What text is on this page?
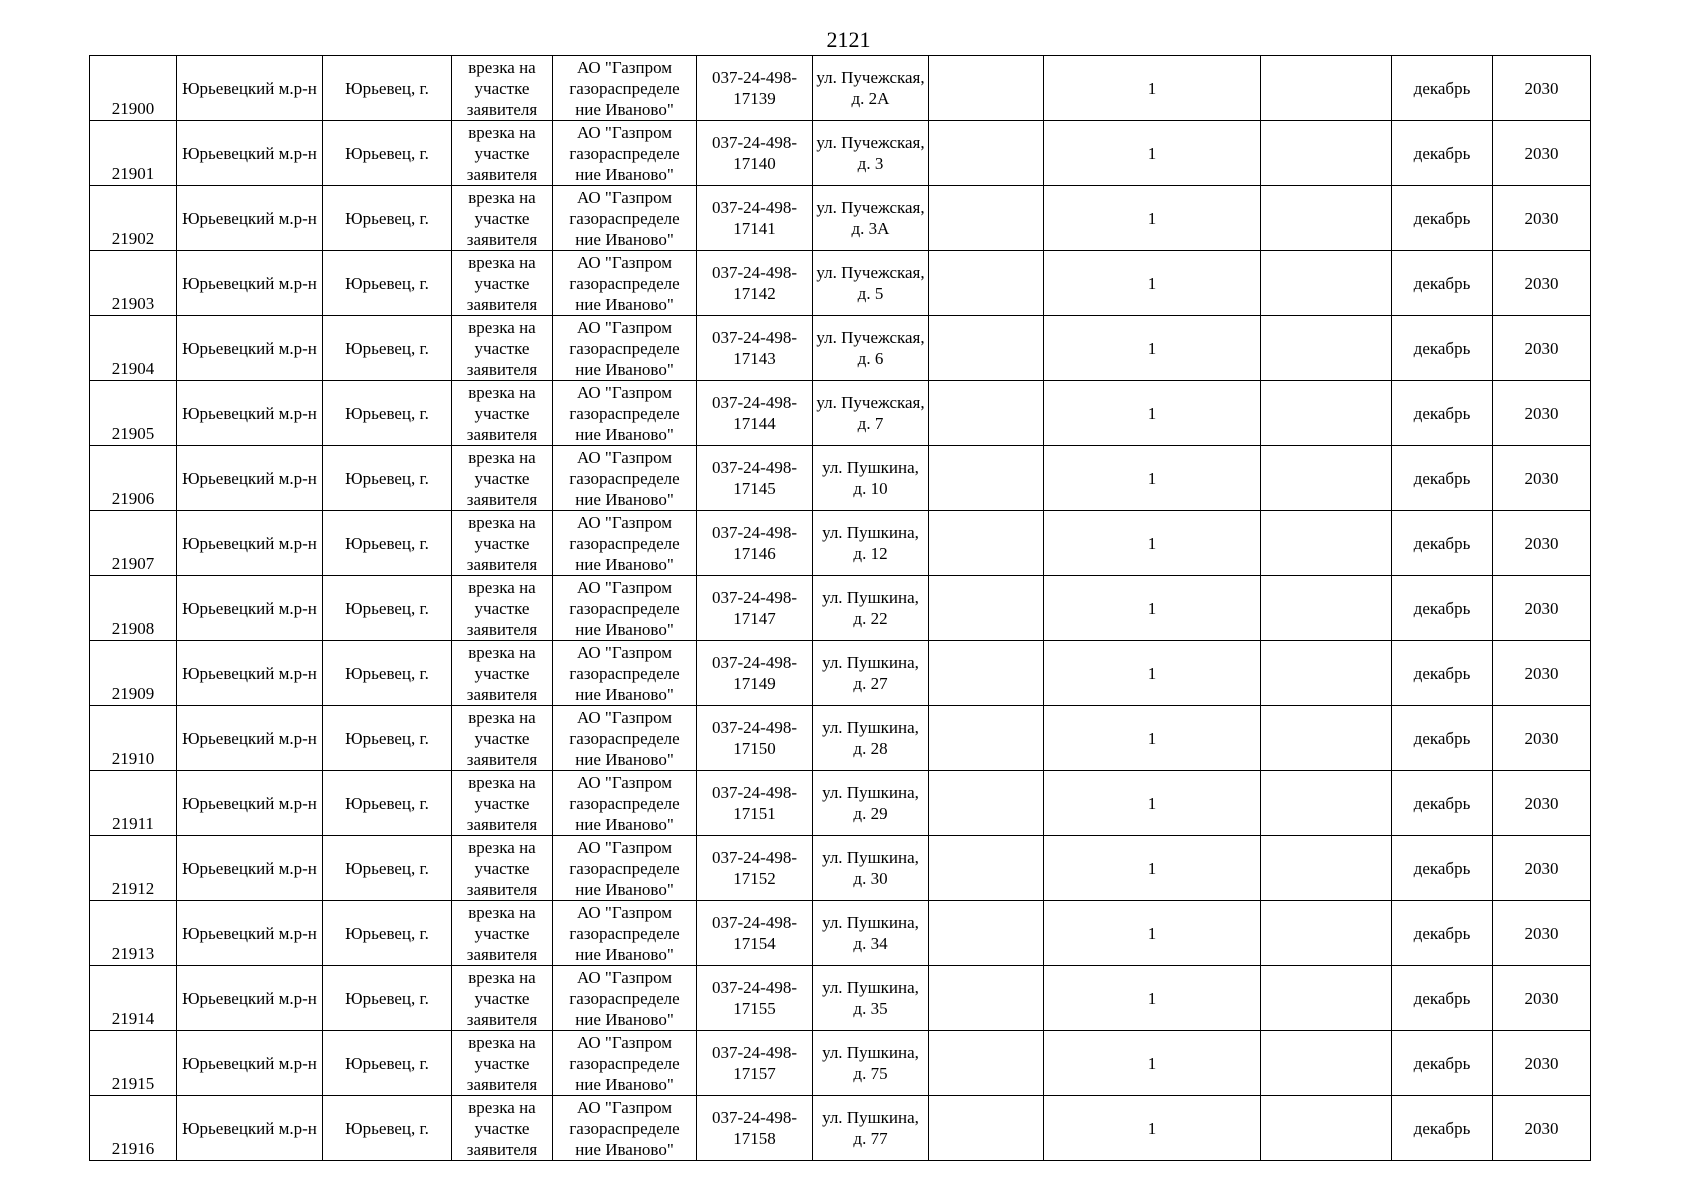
2121
21900	Юрьевецкий м.р-н	Юрьевец, г.	врезка на участке заявителя	АО "Газпром газораспределе ние Иваново"	037-24-498-17139	ул. Пучежская, д. 2А		1		декабрь	2030
21901	Юрьевецкий м.р-н	Юрьевец, г.	врезка на участке заявителя	АО "Газпром газораспределе ние Иваново"	037-24-498-17140	ул. Пучежская, д. 3		1		декабрь	2030
21902	Юрьевецкий м.р-н	Юрьевец, г.	врезка на участке заявителя	АО "Газпром газораспределе ние Иваново"	037-24-498-17141	ул. Пучежская, д. 3А		1		декабрь	2030
21903	Юрьевецкий м.р-н	Юрьевец, г.	врезка на участке заявителя	АО "Газпром газораспределе ние Иваново"	037-24-498-17142	ул. Пучежская, д. 5		1		декабрь	2030
21904	Юрьевецкий м.р-н	Юрьевец, г.	врезка на участке заявителя	АО "Газпром газораспределе ние Иваново"	037-24-498-17143	ул. Пучежская, д. 6		1		декабрь	2030
21905	Юрьевецкий м.р-н	Юрьевец, г.	врезка на участке заявителя	АО "Газпром газораспределе ние Иваново"	037-24-498-17144	ул. Пучежская, д. 7		1		декабрь	2030
21906	Юрьевецкий м.р-н	Юрьевец, г.	врезка на участке заявителя	АО "Газпром газораспределе ние Иваново"	037-24-498-17145	ул. Пушкина, д. 10		1		декабрь	2030
21907	Юрьевецкий м.р-н	Юрьевец, г.	врезка на участке заявителя	АО "Газпром газораспределе ние Иваново"	037-24-498-17146	ул. Пушкина, д. 12		1		декабрь	2030
21908	Юрьевецкий м.р-н	Юрьевец, г.	врезка на участке заявителя	АО "Газпром газораспределе ние Иваново"	037-24-498-17147	ул. Пушкина, д. 22		1		декабрь	2030
21909	Юрьевецкий м.р-н	Юрьевец, г.	врезка на участке заявителя	АО "Газпром газораспределе ние Иваново"	037-24-498-17149	ул. Пушкина, д. 27		1		декабрь	2030
21910	Юрьевецкий м.р-н	Юрьевец, г.	врезка на участке заявителя	АО "Газпром газораспределе ние Иваново"	037-24-498-17150	ул. Пушкина, д. 28		1		декабрь	2030
21911	Юрьевецкий м.р-н	Юрьевец, г.	врезка на участке заявителя	АО "Газпром газораспределе ние Иваново"	037-24-498-17151	ул. Пушкина, д. 29		1		декабрь	2030
21912	Юрьевецкий м.р-н	Юрьевец, г.	врезка на участке заявителя	АО "Газпром газораспределе ние Иваново"	037-24-498-17152	ул. Пушкина, д. 30		1		декабрь	2030
21913	Юрьевецкий м.р-н	Юрьевец, г.	врезка на участке заявителя	АО "Газпром газораспределе ние Иваново"	037-24-498-17154	ул. Пушкина, д. 34		1		декабрь	2030
21914	Юрьевецкий м.р-н	Юрьевец, г.	врезка на участке заявителя	АО "Газпром газораспределе ние Иваново"	037-24-498-17155	ул. Пушкина, д. 35		1		декабрь	2030
21915	Юрьевецкий м.р-н	Юрьевец, г.	врезка на участке заявителя	АО "Газпром газораспределе ние Иваново"	037-24-498-17157	ул. Пушкина, д. 75		1		декабрь	2030
21916	Юрьевецкий м.р-н	Юрьевец, г.	врезка на участке заявителя	АО "Газпром газораспределе ние Иваново"	037-24-498-17158	ул. Пушкина, д. 77		1		декабрь	2030
